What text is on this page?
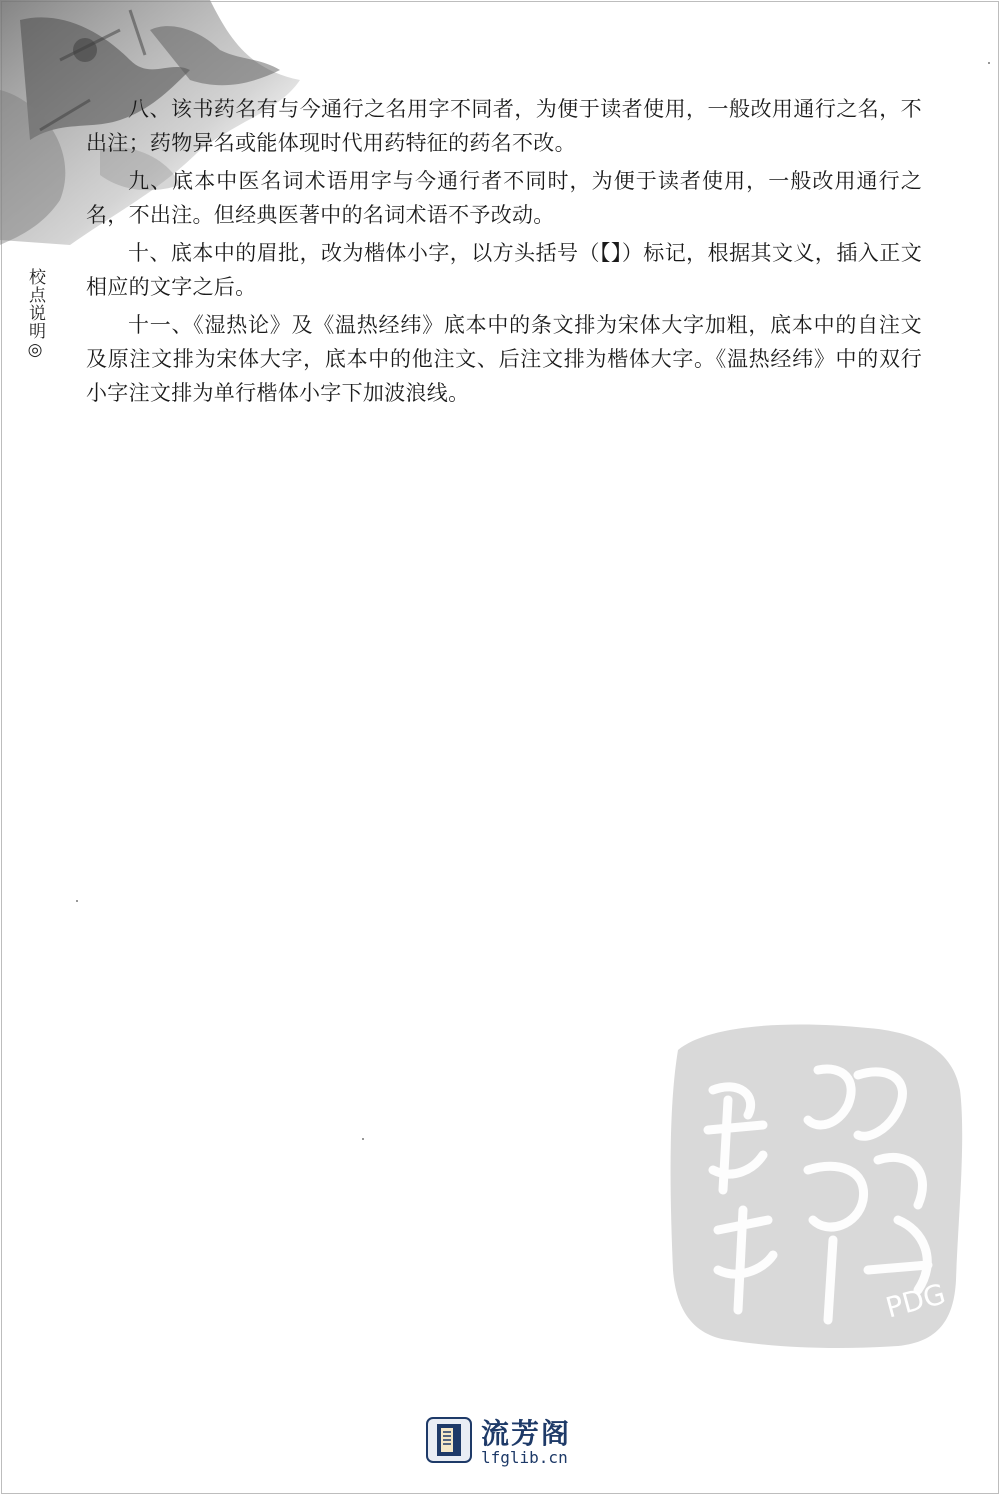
校点说明◎

八、该书药名有与今通行之名用字不同者，为便于读者使用，一般改用通行之名，不出注；药物异名或能体现时代用药特征的药名不改。

九、底本中医名词术语用字与今通行者不同时，为便于读者使用，一般改用通行之名，不出注。但经典医著中的名词术语不予改动。

十、底本中的眉批，改为楷体小字，以方头括号（【】）标记，根据其文义，插入正文相应的文字之后。

十一、《湿热论》及《温热经纬》底本中的条文排为宋体大字加粗，底本中的自注文及原注文排为宋体大字，底本中的他注文、后注文排为楷体大字。《温热经纬》中的双行小字注文排为单行楷体小字下加波浪线。

PDG
流芳阁
lfglib.cn
